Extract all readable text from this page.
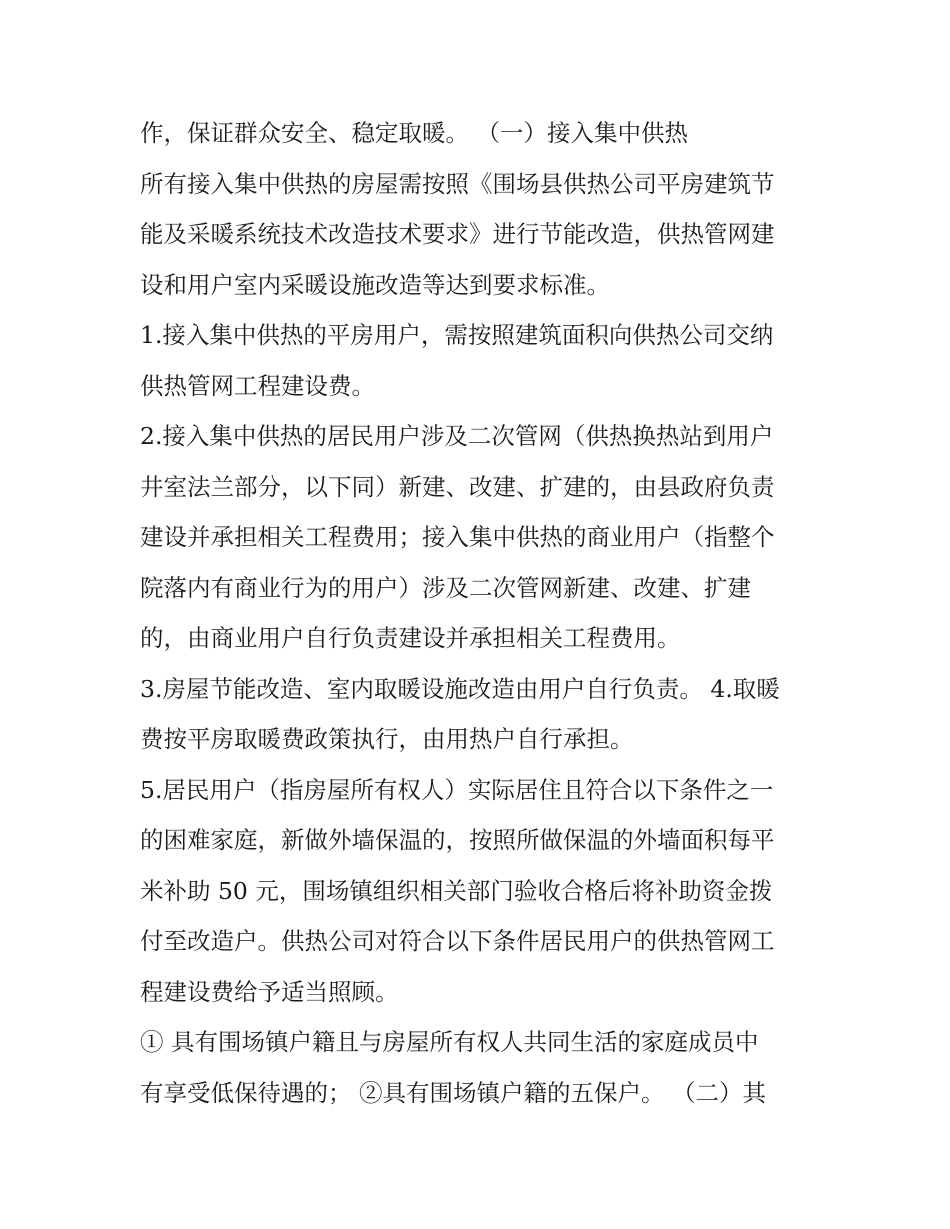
作，保证群众安全、稳定取暖。 （一）接入集中供热
所有接入集中供热的房屋需按照《围场县供热公司平房建筑节
能及采暖系统技术改造技术要求》进行节能改造，供热管网建
设和用户室内采暖设施改造等达到要求标准。
1.接入集中供热的平房用户，需按照建筑面积向供热公司交纳
供热管网工程建设费。
2.接入集中供热的居民用户涉及二次管网（供热换热站到用户
井室法兰部分，以下同）新建、改建、扩建的，由县政府负责
建设并承担相关工程费用；接入集中供热的商业用户（指整个
院落内有商业行为的用户）涉及二次管网新建、改建、扩建
的，由商业用户自行负责建设并承担相关工程费用。
3.房屋节能改造、室内取暖设施改造由用户自行负责。 4.取暖
费按平房取暖费政策执行，由用热户自行承担。
5.居民用户（指房屋所有权人）实际居住且符合以下条件之一
的困难家庭，新做外墙保温的，按照所做保温的外墙面积每平
米补助 50 元，围场镇组织相关部门验收合格后将补助资金拨
付至改造户。供热公司对符合以下条件居民用户的供热管网工
程建设费给予适当照顾。
① 具有围场镇户籍且与房屋所有权人共同生活的家庭成员中
有享受低保待遇的； ②具有围场镇户籍的五保户。 （二）其
